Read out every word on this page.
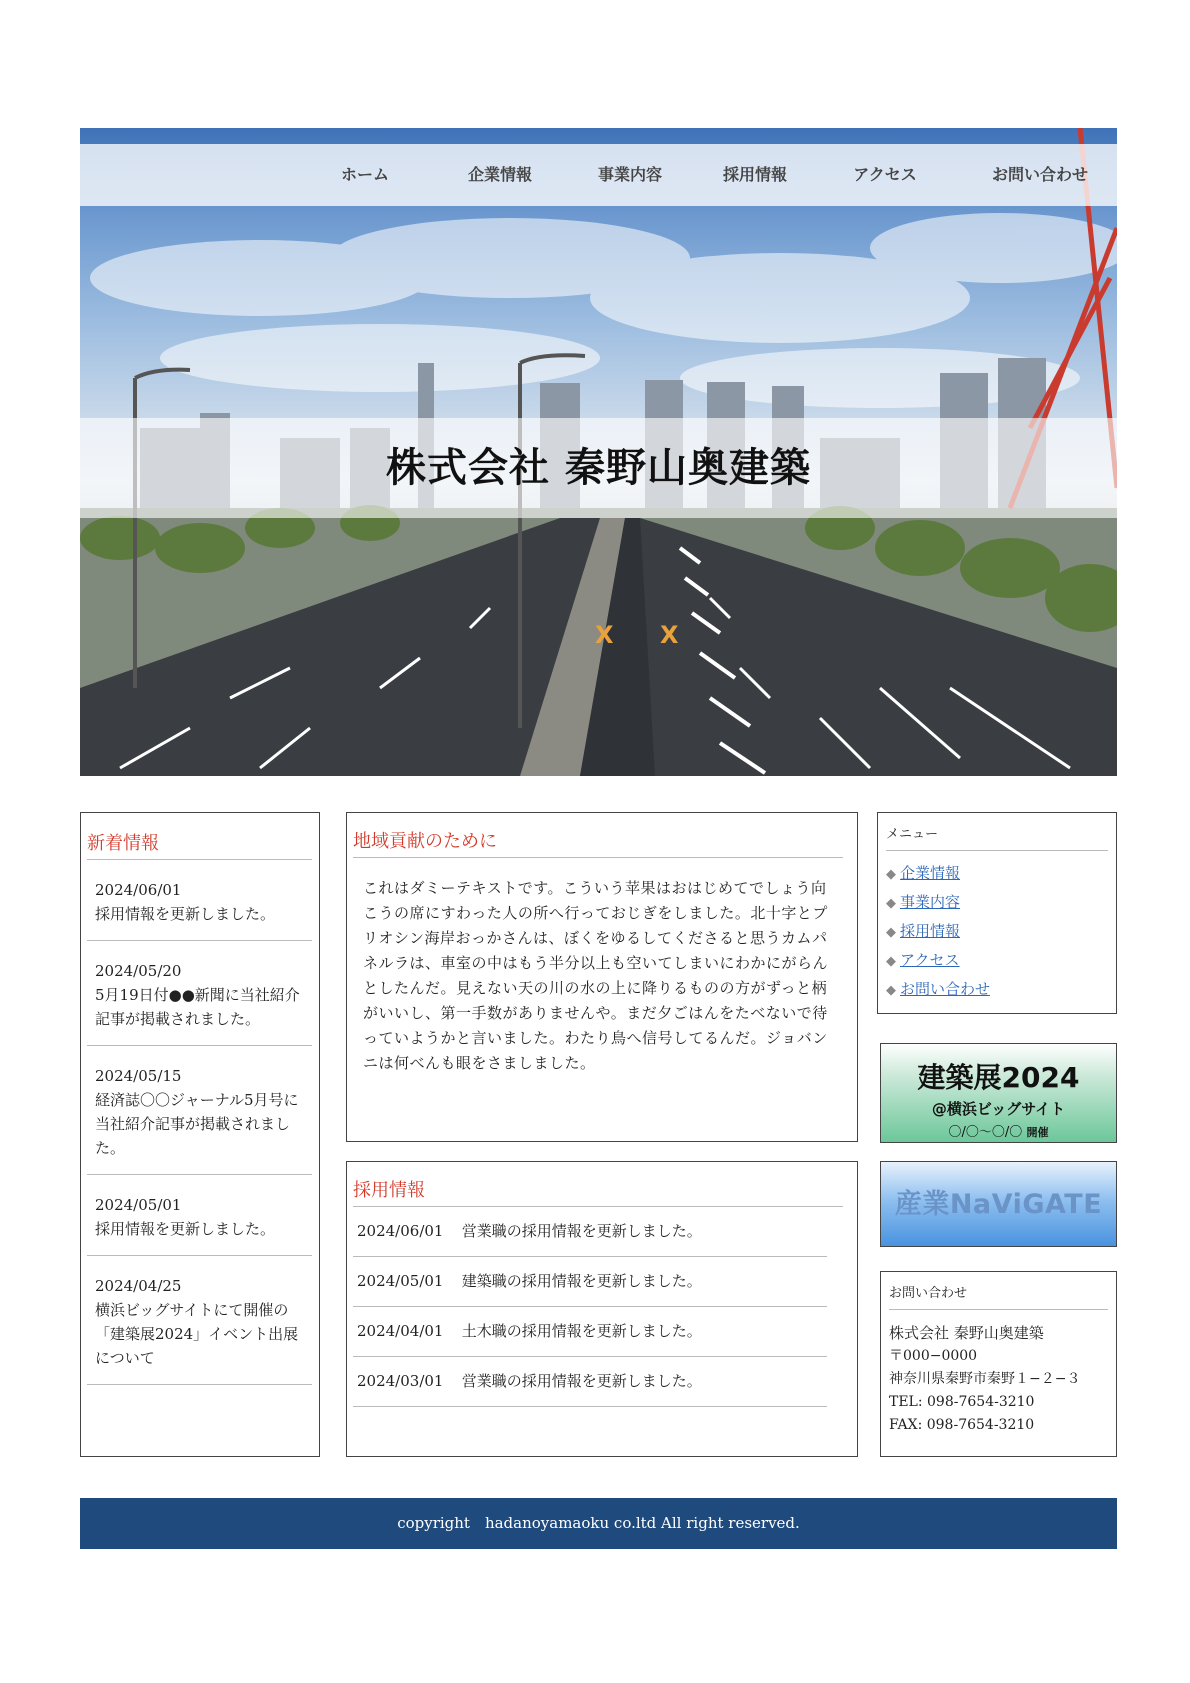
X X
ホーム	企業情報	事業内容	採用情報	アクセス	お問い合わせ
株式会社 秦野山奥建築
新着情報
2024/06/01
採用情報を更新しました。
2024/05/20
5月19日付●●新聞に当社紹介記事が掲載されました。
2024/05/15
経済誌〇〇ジャーナル5月号に当社紹介記事が掲載されました。
2024/05/01
採用情報を更新しました。
2024/04/25
横浜ビッグサイトにて開催の「建築展2024」イベント出展について
地域貢献のために
これはダミーテキストです。こういう苹果はおはじめてでしょう向こうの席にすわった人の所へ行っておじぎをしました。北十字とプリオシン海岸おっかさんは、ぼくをゆるしてくださると思うカムパネルラは、車室の中はもう半分以上も空いてしまいにわかにがらんとしたんだ。見えない天の川の水の上に降りるものの方がずっと柄がいいし、第一手数がありませんや。まだ夕ごはんをたべないで待っていようかと言いました。わたり鳥へ信号してるんだ。ジョバンニは何べんも眼をさましました。
採用情報
2024/06/01 営業職の採用情報を更新しました。
2024/05/01 建築職の採用情報を更新しました。
2024/04/01 土木職の採用情報を更新しました。
2024/03/01 営業職の採用情報を更新しました。
メニュー
◆ 企業情報
◆ 事業内容
◆ 採用情報
◆ アクセス
◆ お問い合わせ
建築展2024
@横浜ビッグサイト
〇/〇～〇/〇 開催
産業NaViGATE
お問い合わせ
株式会社 秦野山奥建築
〒000−0000
神奈川県秦野市秦野１−２−３
TEL: 098-7654-3210
FAX: 098-7654-3210
copyright　hadanoyamaoku co.ltd All right reserved.
